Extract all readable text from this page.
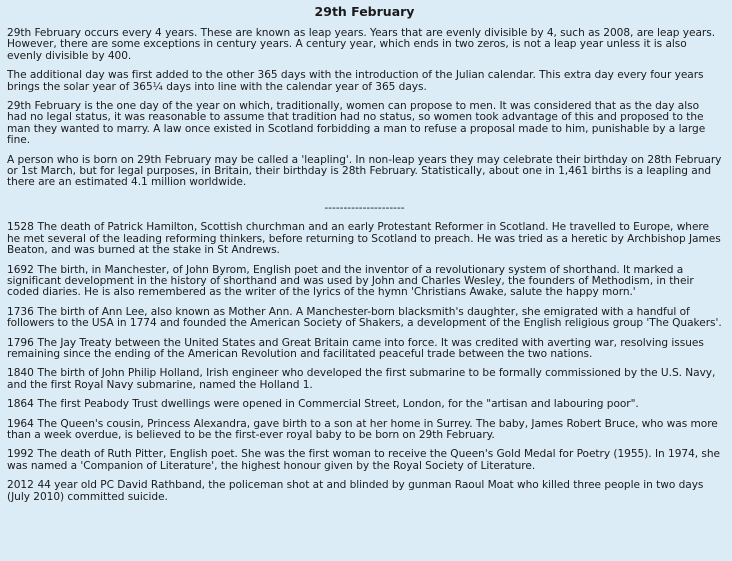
29th February
29th February occurs every 4 years. These are known as leap years. Years that are evenly divisible by 4, such as 2008, are leap years. However, there are some exceptions in century years. A century year, which ends in two zeros, is not a leap year unless it is also evenly divisible by 400.
The additional day was first added to the other 365 days with the introduction of the Julian calendar. This extra day every four years brings the solar year of 365¼ days into line with the calendar year of 365 days.
29th February is the one day of the year on which, traditionally, women can propose to men. It was considered that as the day also had no legal status, it was reasonable to assume that tradition had no status, so women took advantage of this and proposed to the man they wanted to marry. A law once existed in Scotland forbidding a man to refuse a proposal made to him, punishable by a large fine.
A person who is born on 29th February may be called a 'leapling'. In non-leap years they may celebrate their birthday on 28th February or 1st March, but for legal purposes, in Britain, their birthday is 28th February. Statistically, about one in 1,461 births is a leapling and there are an estimated 4.1 million worldwide.
---------------------
1528 The death of Patrick Hamilton, Scottish churchman and an early Protestant Reformer in Scotland. He travelled to Europe, where he met several of the leading reforming thinkers, before returning to Scotland to preach. He was tried as a heretic by Archbishop James Beaton, and was burned at the stake in St Andrews.
1692 The birth, in Manchester, of John Byrom, English poet and the inventor of a revolutionary system of shorthand. It marked a significant development in the history of shorthand and was used by John and Charles Wesley, the founders of Methodism, in their coded diaries. He is also remembered as the writer of the lyrics of the hymn 'Christians Awake, salute the happy morn.'
1736 The birth of Ann Lee, also known as Mother Ann. A Manchester-born blacksmith's daughter, she emigrated with a handful of followers to the USA in 1774 and founded the American Society of Shakers, a development of the English religious group 'The Quakers'.
1796 The Jay Treaty between the United States and Great Britain came into force. It was credited with averting war, resolving issues remaining since the ending of the American Revolution and facilitated peaceful trade between the two nations.
1840 The birth of John Philip Holland, Irish engineer who developed the first submarine to be formally commissioned by the U.S. Navy, and the first Royal Navy submarine, named the Holland 1.
1864 The first Peabody Trust dwellings were opened in Commercial Street, London, for the "artisan and labouring poor".
1964 The Queen's cousin, Princess Alexandra, gave birth to a son at her home in Surrey. The baby, James Robert Bruce, who was more than a week overdue, is believed to be the first-ever royal baby to be born on 29th February.
1992 The death of Ruth Pitter, English poet. She was the first woman to receive the Queen's Gold Medal for Poetry (1955). In 1974, she was named a 'Companion of Literature', the highest honour given by the Royal Society of Literature.
2012 44 year old PC David Rathband, the policeman shot at and blinded by gunman Raoul Moat who killed three people in two days (July 2010) committed suicide.
